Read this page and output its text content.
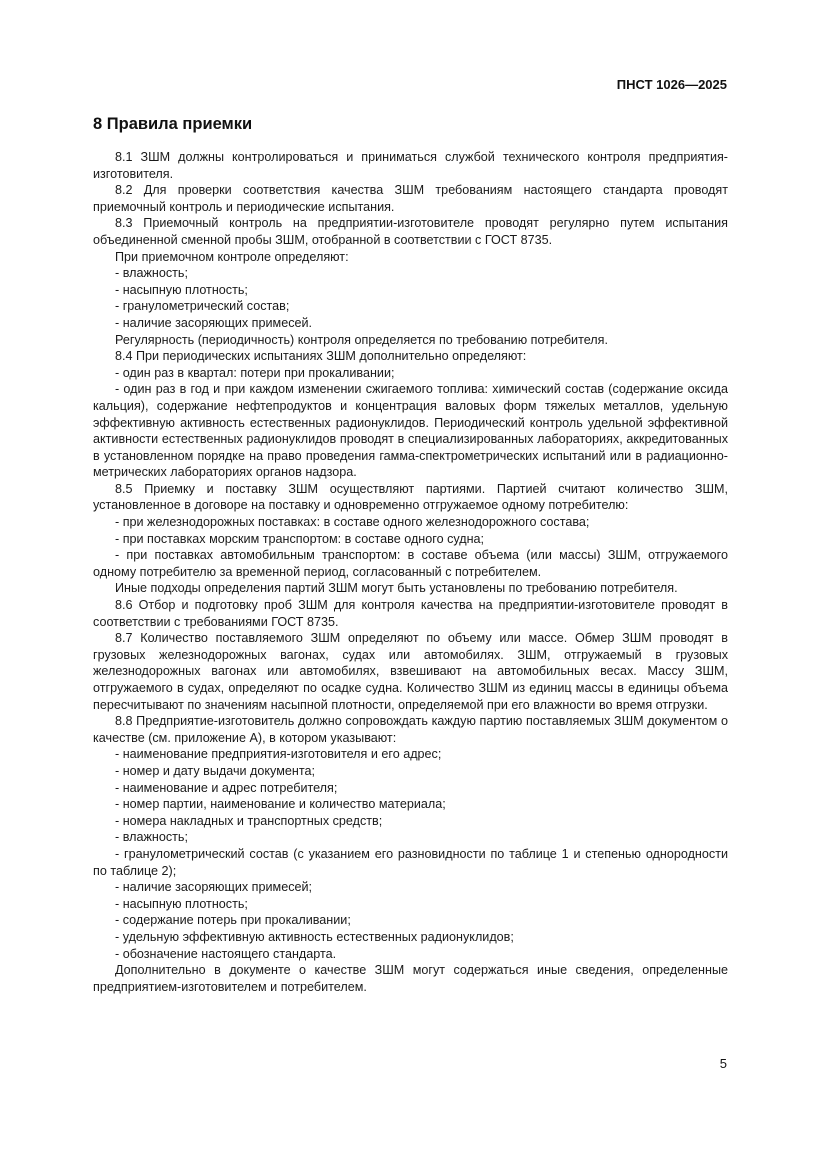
ПНСТ 1026—2025
8 Правила приемки

8.1 ЗШМ должны контролироваться и приниматься службой технического контроля предприятия-изготовителя.

8.2 Для проверки соответствия качества ЗШМ требованиям настоящего стандарта проводят приемочный контроль и периодические испытания.

8.3 Приемочный контроль на предприятии-изготовителе проводят регулярно путем испытания объединенной сменной пробы ЗШМ, отобранной в соответствии с ГОСТ 8735.

При приемочном контроле определяют:

- влажность;

- насыпную плотность;

- гранулометрический состав;

- наличие засоряющих примесей.

Регулярность (периодичность) контроля определяется по требованию потребителя.

8.4 При периодических испытаниях ЗШМ дополнительно определяют:

- один раз в квартал: потери при прокаливании;

- один раз в год и при каждом изменении сжигаемого топлива: химический состав (содержание оксида кальция), содержание нефтепродуктов и концентрация валовых форм тяжелых металлов, удельную эффективную активность естественных радионуклидов. Периодический контроль удельной эффективной активности естественных радионуклидов проводят в специализированных лабораториях, аккредитованных в установленном порядке на право проведения гамма-спектрометрических испытаний или в радиационно-метрических лабораториях органов надзора.

8.5 Приемку и поставку ЗШМ осуществляют партиями. Партией считают количество ЗШМ, установленное в договоре на поставку и одновременно отгружаемое одному потребителю:

- при железнодорожных поставках: в составе одного железнодорожного состава;

- при поставках морским транспортом: в составе одного судна;

- при поставках автомобильным транспортом: в составе объема (или массы) ЗШМ, отгружаемого одному потребителю за временной период, согласованный с потребителем.

Иные подходы определения партий ЗШМ могут быть установлены по требованию потребителя.

8.6 Отбор и подготовку проб ЗШМ для контроля качества на предприятии-изготовителе проводят в соответствии с требованиями ГОСТ 8735.

8.7 Количество поставляемого ЗШМ определяют по объему или массе. Обмер ЗШМ проводят в грузовых железнодорожных вагонах, судах или автомобилях. ЗШМ, отгружаемый в грузовых железнодорожных вагонах или автомобилях, взвешивают на автомобильных весах. Массу ЗШМ, отгружаемого в судах, определяют по осадке судна. Количество ЗШМ из единиц массы в единицы объема пересчитывают по значениям насыпной плотности, определяемой при его влажности во время отгрузки.

8.8 Предприятие-изготовитель должно сопровождать каждую партию поставляемых ЗШМ документом о качестве (см. приложение А), в котором указывают:

- наименование предприятия-изготовителя и его адрес;

- номер и дату выдачи документа;

- наименование и адрес потребителя;

- номер партии, наименование и количество материала;

- номера накладных и транспортных средств;

- влажность;

- гранулометрический состав (с указанием его разновидности по таблице 1 и степенью однородности по таблице 2);

- наличие засоряющих примесей;

- насыпную плотность;

- содержание потерь при прокаливании;

- удельную эффективную активность естественных радионуклидов;

- обозначение настоящего стандарта.

Дополнительно в документе о качестве ЗШМ могут содержаться иные сведения, определенные предприятием-изготовителем и потребителем.

5
